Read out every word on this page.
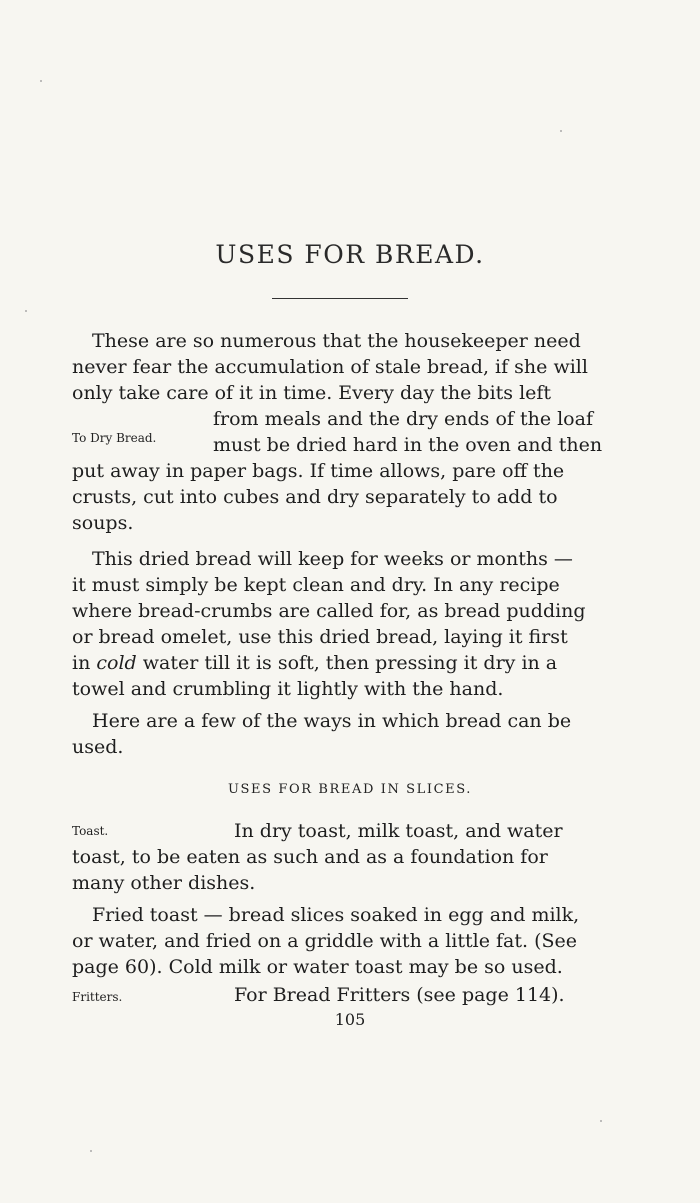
USES FOR BREAD.
These are so numerous that the housekeeper need
never fear the accumulation of stale bread, if she will
only take care of it in time. Every day the bits left
from meals and the dry ends of the loaf
must be dried hard in the oven and then
put away in paper bags. If time allows, pare off the
crusts, cut into cubes and dry separately to add to
soups.
To Dry Bread.
This dried bread will keep for weeks or months —
it must simply be kept clean and dry. In any recipe
where bread-crumbs are called for, as bread pudding
or bread omelet, use this dried bread, laying it first
in cold water till it is soft, then pressing it dry in a
towel and crumbling it lightly with the hand.
Here are a few of the ways in which bread can be
used.
USES FOR BREAD IN SLICES.
Toast.	In dry toast, milk toast, and water
toast, to be eaten as such and as a foundation for
many other dishes.
Fried toast — bread slices soaked in egg and milk,
or water, and fried on a griddle with a little fat. (See
page 60). Cold milk or water toast may be so used.
Fritters.	For Bread Fritters (see page 114).
105
